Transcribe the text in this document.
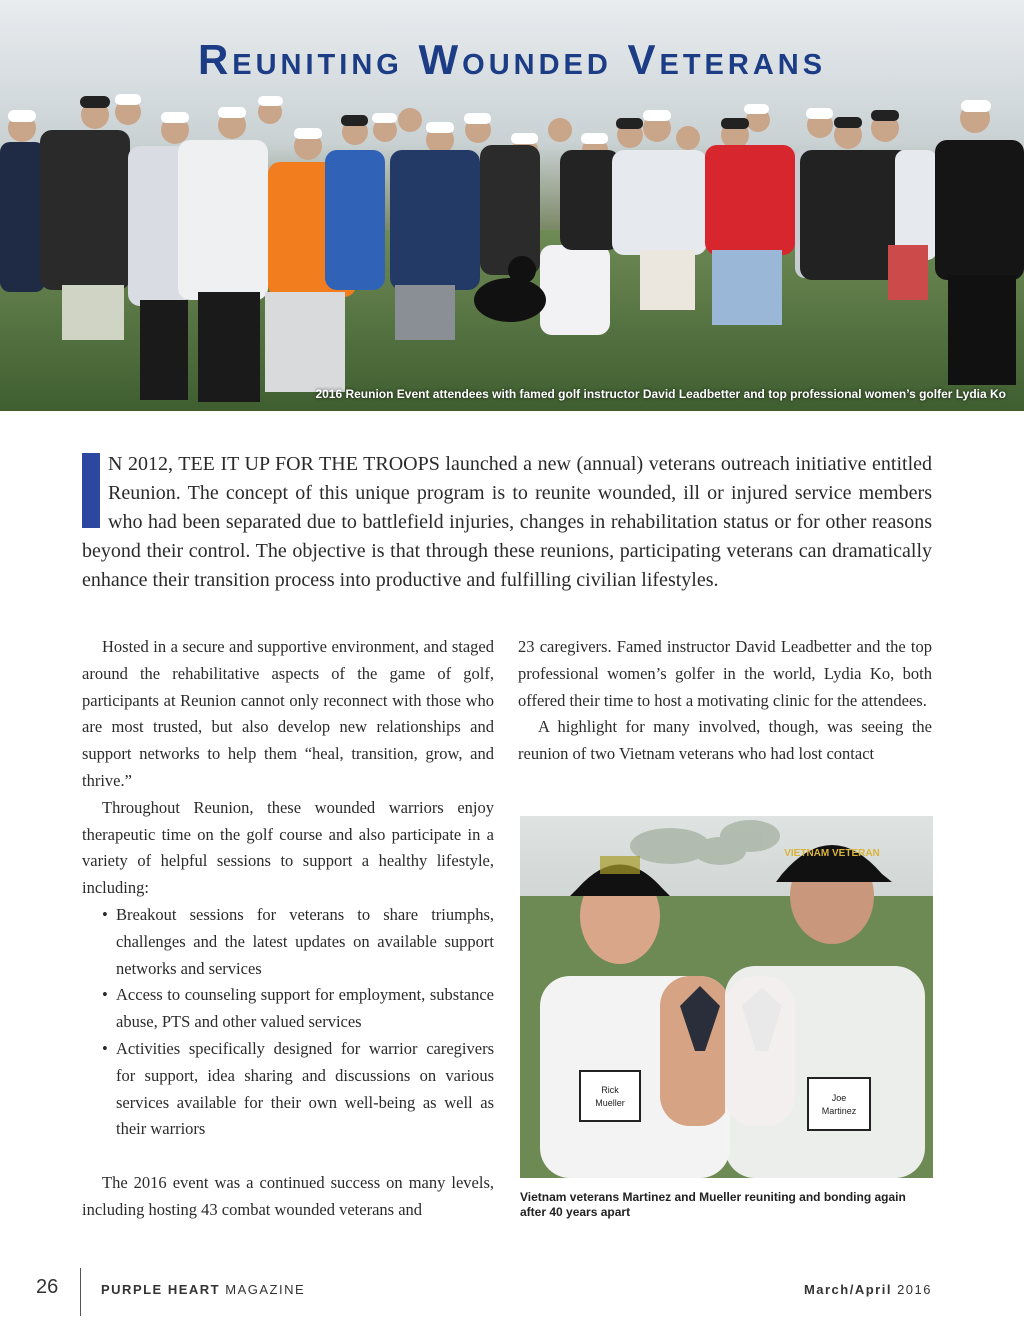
Reuniting Wounded Veterans
2016 Reunion Event attendees with famed golf instructor David Leadbetter and top professional women’s golfer Lydia Ko
I	N 2012, TEE IT UP FOR THE TROOPS launched a new (annual) veterans outreach initiative entitled Reunion. The concept of this unique program is to reunite wounded, ill or injured service members who had been separated due to battlefield injuries, changes in rehabilitation status or for other reasons beyond their control. The objective is that through these reunions, participating veterans can dramatically enhance their transition process into productive and fulfilling civilian lifestyles.

Hosted in a secure and supportive environment, and staged around the rehabilitative aspects of the game of golf, participants at Reunion cannot only reconnect with those who are most trusted, but also develop new relationships and support networks to help them “heal, transition, grow, and thrive.”

Throughout Reunion, these wounded warriors enjoy therapeutic time on the golf course and also participate in a variety of helpful sessions to support a healthy lifestyle, including:

• Breakout sessions for veterans to share triumphs, challenges and the latest updates on available support networks and services
• Access to counseling support for employment, substance abuse, PTS and other valued services
• Activities specifically designed for warrior caregivers for support, idea sharing and discussions on various services available for their own well-being as well as their warriors

The 2016 event was a continued success on many levels, including hosting 43 combat wounded veterans and

23 caregivers. Famed instructor David Leadbetter and the top professional women’s golfer in the world, Lydia Ko, both offered their time to host a motivating clinic for the attendees.

A highlight for many involved, though, was seeing the reunion of two Vietnam veterans who had lost contact

Rick
Mueller
VIETNAM VETERAN
Joe
Martinez
Vietnam veterans Martinez and Mueller reuniting and bonding again after 40 years apart
26	PURPLE HEART MAGAZINE	March/April 2016
